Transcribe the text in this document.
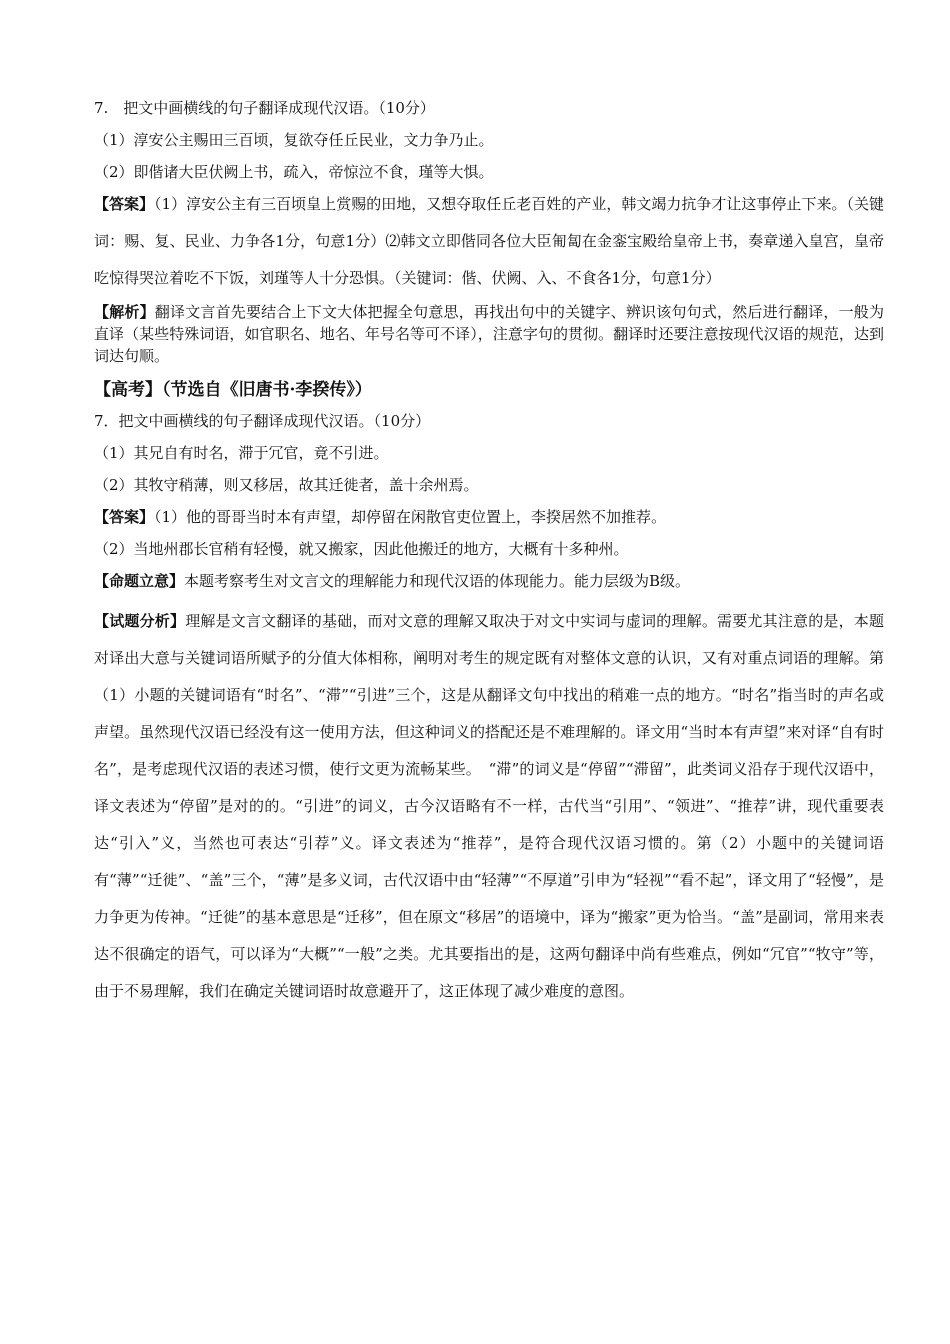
7.　把文中画横线的句子翻译成现代汉语。（10分）

（1）淳安公主赐田三百顷，复欲夺任丘民业，文力争乃止。

（2）即偕诸大臣伏阙上书，疏入，帝惊泣不食，瑾等大惧。

【答案】（1）淳安公主有三百顷皇上赏赐的田地，又想夺取任丘老百姓的产业，韩文竭力抗争才让这事停止下来。（关键词：赐、复、民业、力争各1分，句意1分）⑵韩文立即偕同各位大臣匍匐在金銮宝殿给皇帝上书，奏章递入皇宫，皇帝吃惊得哭泣着吃不下饭，刘瑾等人十分恐惧。（关键词：偕、伏阙、入、不食各1分，句意1分）

【解析】翻译文言首先要结合上下文大体把握全句意思，再找出句中的关键字、辨识该句句式，然后进行翻译，一般为直译（某些特殊词语，如官职名、地名、年号名等可不译），注意字句的贯彻。翻译时还要注意按现代汉语的规范，达到词达句顺。

【高考】（节选自《旧唐书·李揆传》）

7．把文中画横线的句子翻译成现代汉语。（10分）

（1）其兄自有时名，滞于冗官，竟不引进。

（2）其牧守稍薄，则又移居，故其迁徙者，盖十余州焉。

【答案】（1）他的哥哥当时本有声望，却停留在闲散官吏位置上，李揆居然不加推荐。

（2）当地州郡长官稍有轻慢，就又搬家，因此他搬迁的地方，大概有十多种州。

【命题立意】本题考察考生对文言文的理解能力和现代汉语的体现能力。能力层级为B级。

【试题分析】理解是文言文翻译的基础，而对文意的理解又取决于对文中实词与虚词的理解。需要尤其注意的是，本题对译出大意与关键词语所赋予的分值大体相称，阐明对考生的规定既有对整体文意的认识，又有对重点词语的理解。第（1）小题的关键词语有“时名”、“滞”“引进”三个，这是从翻译文句中找出的稍难一点的地方。“时名”指当时的声名或声望。虽然现代汉语已经没有这一使用方法，但这种词义的搭配还是不难理解的。译文用“当时本有声望”来对译“自有时名”，是考虑现代汉语的表述习惯，使行文更为流畅某些。　“滞”的词义是“停留”“滞留”，此类词义沿存于现代汉语中，译文表述为“停留”是对的的。“引进”的词义，古今汉语略有不一样，古代当“引用”、“领进”、“推荐”讲，现代重要表达“引入”义，当然也可表达“引荐”义。译文表述为“推荐”，是符合现代汉语习惯的。第（2）小题中的关键词语有“薄”“迁徙”、“盖”三个，“薄”是多义词，古代汉语中由“轻薄”“不厚道”引申为“轻视”“看不起”，译文用了“轻慢”，是力争更为传神。“迁徙”的基本意思是“迁移”，但在原文“移居”的语境中，译为“搬家”更为恰当。“盖”是副词，常用来表达不很确定的语气，可以译为“大概”“一般”之类。尤其要指出的是，这两句翻译中尚有些难点，例如“冗官”“牧守”等，由于不易理解，我们在确定关键词语时故意避开了，这正体现了减少难度的意图。
